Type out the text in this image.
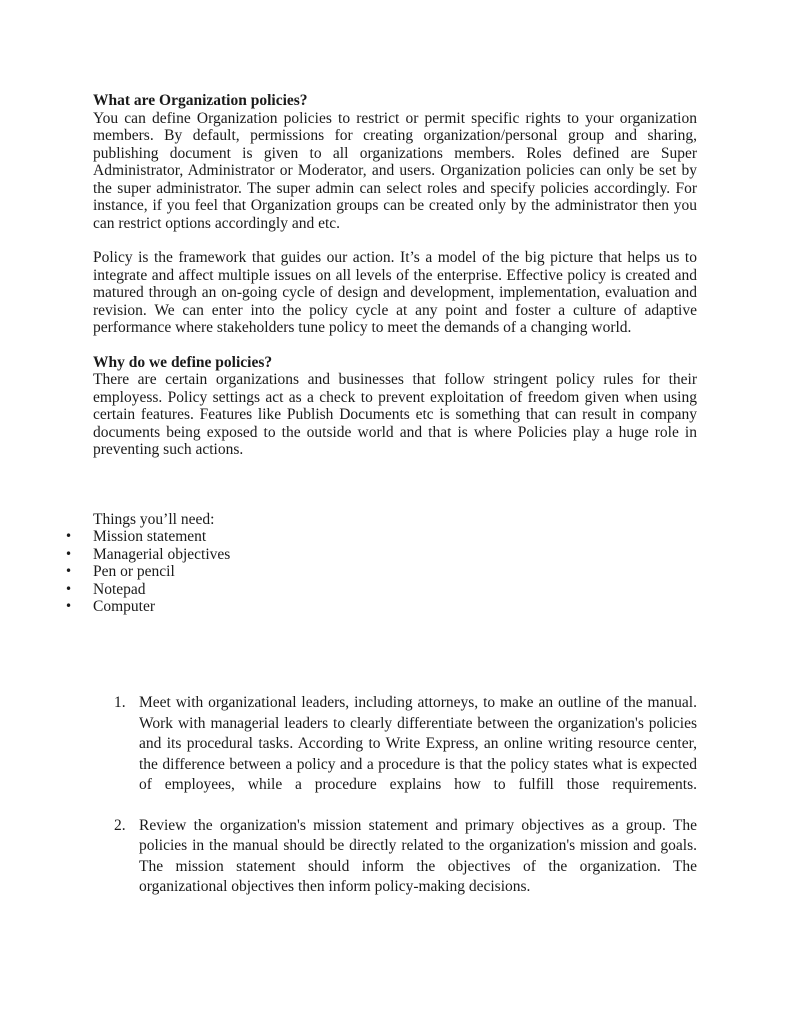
What are Organization policies?

You can define Organization policies to restrict or permit specific rights to your organization members. By default, permissions for creating organization/personal group and sharing, publishing document is given to all organizations members. Roles defined are Super Administrator, Administrator or Moderator, and users. Organization policies can only be set by the super administrator. The super admin can select roles and specify policies accordingly. For instance, if you feel that Organization groups can be created only by the administrator then you can restrict options accordingly and etc.

Policy is the framework that guides our action. It’s a model of the big picture that helps us to integrate and affect multiple issues on all levels of the enterprise. Effective policy is created and matured through an on-going cycle of design and development, implementation, evaluation and revision. We can enter into the policy cycle at any point and foster a culture of adaptive performance where stakeholders tune policy to meet the demands of a changing world.

Why do we define policies?

There are certain organizations and businesses that follow stringent policy rules for their employess. Policy settings act as a check to prevent exploitation of freedom given when using certain features. Features like Publish Documents etc is something that can result in company documents being exposed to the outside world and that is where Policies play a huge role in preventing such actions.

Things you’ll need:

• Mission statement
• Managerial objectives
• Pen or pencil
• Notepad
• Computer
1. Meet with organizational leaders, including attorneys, to make an outline of the manual. Work with managerial leaders to clearly differentiate between the organization's policies and its procedural tasks. According to Write Express, an online writing resource center, the difference between a policy and a procedure is that the policy states what is expected of employees, while a procedure explains how to fulfill those requirements.
2. Review the organization's mission statement and primary objectives as a group. The policies in the manual should be directly related to the organization's mission and goals. The mission statement should inform the objectives of the organization. The organizational objectives then inform policy-making decisions.
